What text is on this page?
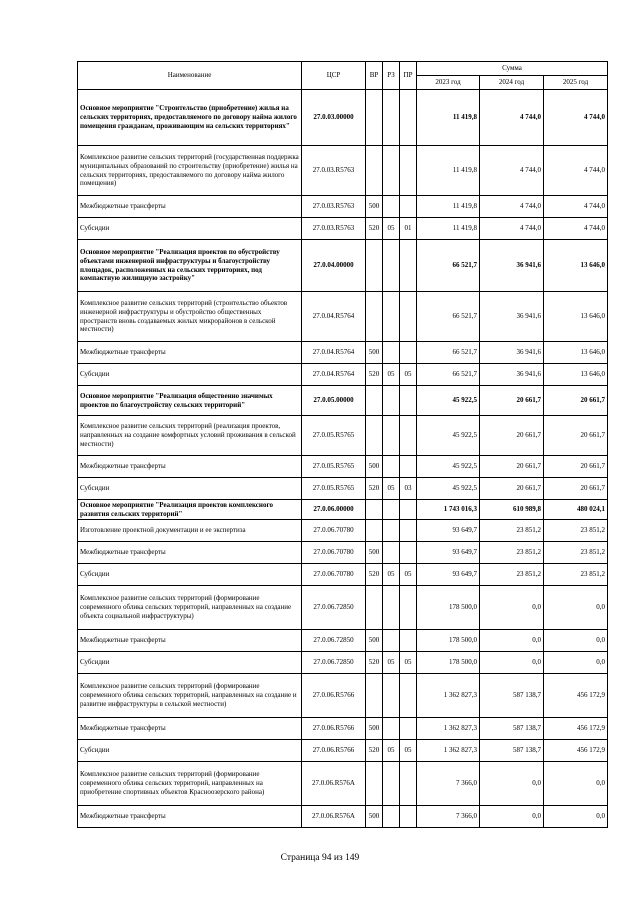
Наименование	ЦСР	ВР	РЗ	ПР	Сумма		
					2023 год	2024 год	2025 год
Основное мероприятие "Строительство (приобретение) жилья на сельских территориях, предоставляемого по договору найма жилого помещения гражданам, проживающим на сельских территориях"	27.0.03.00000				11 419,8	4 744,0	4 744,0
Комплексное развитие сельских территорий (государственная поддержка муниципальных образований по строительству (приобретение) жилья на сельских территориях, предоставляемого по договору найма жилого помещения)	27.0.03.R5763				11 419,8	4 744,0	4 744,0
Межбюджетные трансферты	27.0.03.R5763	500			11 419,8	4 744,0	4 744,0
Субсидии	27.0.03.R5763	520	05	01	11 419,8	4 744,0	4 744,0
Основное мероприятие "Реализация проектов по обустройству объектами инженерной инфраструктуры и благоустройству площадок, расположенных на сельских территориях, под компактную жилищную застройку"	27.0.04.00000				66 521,7	36 941,6	13 646,0
Комплексное развитие сельских территорий (строительство объектов инженерной инфраструктуры и обустройство общественных пространств вновь создаваемых жилых микрорайонов в сельской местности)	27.0.04.R5764				66 521,7	36 941,6	13 646,0
Межбюджетные трансферты	27.0.04.R5764	500			66 521,7	36 941,6	13 646,0
Субсидии	27.0.04.R5764	520	05	05	66 521,7	36 941,6	13 646,0
Основное мероприятие "Реализация общественно значимых проектов по благоустройству сельских территорий"	27.0.05.00000				45 922,5	20 661,7	20 661,7
Комплексное развитие сельских территорий (реализация проектов, направленных на создание комфортных условий проживания в сельской местности)	27.0.05.R5765				45 922,5	20 661,7	20 661,7
Межбюджетные трансферты	27.0.05.R5765	500			45 922,5	20 661,7	20 661,7
Субсидии	27.0.05.R5765	520	05	03	45 922,5	20 661,7	20 661,7
Основное мероприятие "Реализация проектов комплексного развития сельских территорий"	27.0.06.00000				1 743 016,3	610 989,8	480 024,1
Изготовление проектной документации и ее экспертиза	27.0.06.70780				93 649,7	23 851,2	23 851,2
Межбюджетные трансферты	27.0.06.70780	500			93 649,7	23 851,2	23 851,2
Субсидии	27.0.06.70780	520	05	05	93 649,7	23 851,2	23 851,2
Комплексное развитие сельских территорий (формирование современного облика сельских территорий, направленных на создание объекта социальной инфраструктуры)	27.0.06.72850				178 500,0	0,0	0,0
Межбюджетные трансферты	27.0.06.72850	500			178 500,0	0,0	0,0
Субсидии	27.0.06.72850	520	05	05	178 500,0	0,0	0,0
Комплексное развитие сельских территорий (формирование современного облика сельских территорий, направленных на создание и развитие инфраструктуры в сельской местности)	27.0.06.R5766				1 362 827,3	587 138,7	456 172,9
Межбюджетные трансферты	27.0.06.R5766	500			1 362 827,3	587 138,7	456 172,9
Субсидии	27.0.06.R5766	520	05	05	1 362 827,3	587 138,7	456 172,9
Комплексное развитие сельских территорий (формирование современного облика сельских территорий, направленных на приобретение спортивных объектов Красноозерского района)	27.0.06.R576A				7 366,0	0,0	0,0
Межбюджетные трансферты	27.0.06.R576A	500			7 366,0	0,0	0,0
Страница 94 из 149
